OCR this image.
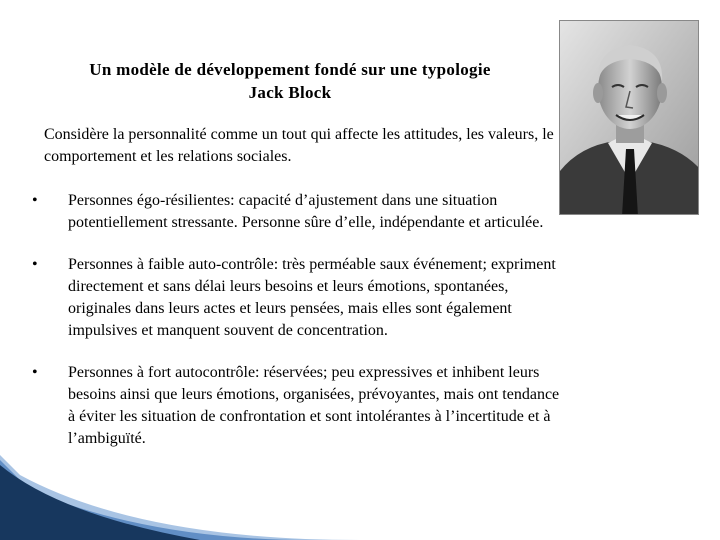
Un modèle de développement fondé sur une typologie
Jack Block
Considère la personnalité comme un tout qui affecte les attitudes, les valeurs, le comportement et les relations sociales.
• Personnes égo-résilientes: capacité d’ajustement dans une situation potentiellement stressante. Personne sûre d’elle, indépendante et articulée.
• Personnes à faible auto-contrôle: très perméable saux événement; expriment directement et sans délai leurs besoins et leurs émotions, spontanées, originales dans leurs actes et leurs pensées, mais elles sont également impulsives et manquent souvent de concentration.
• Personnes à fort autocontrôle: réservées; peu expressives et inhibent leurs besoins ainsi que leurs émotions, organisées, prévoyantes, mais ont tendance à éviter les situation de confrontation et sont intolérantes à l’incertitude et à l’ambiguïté.
